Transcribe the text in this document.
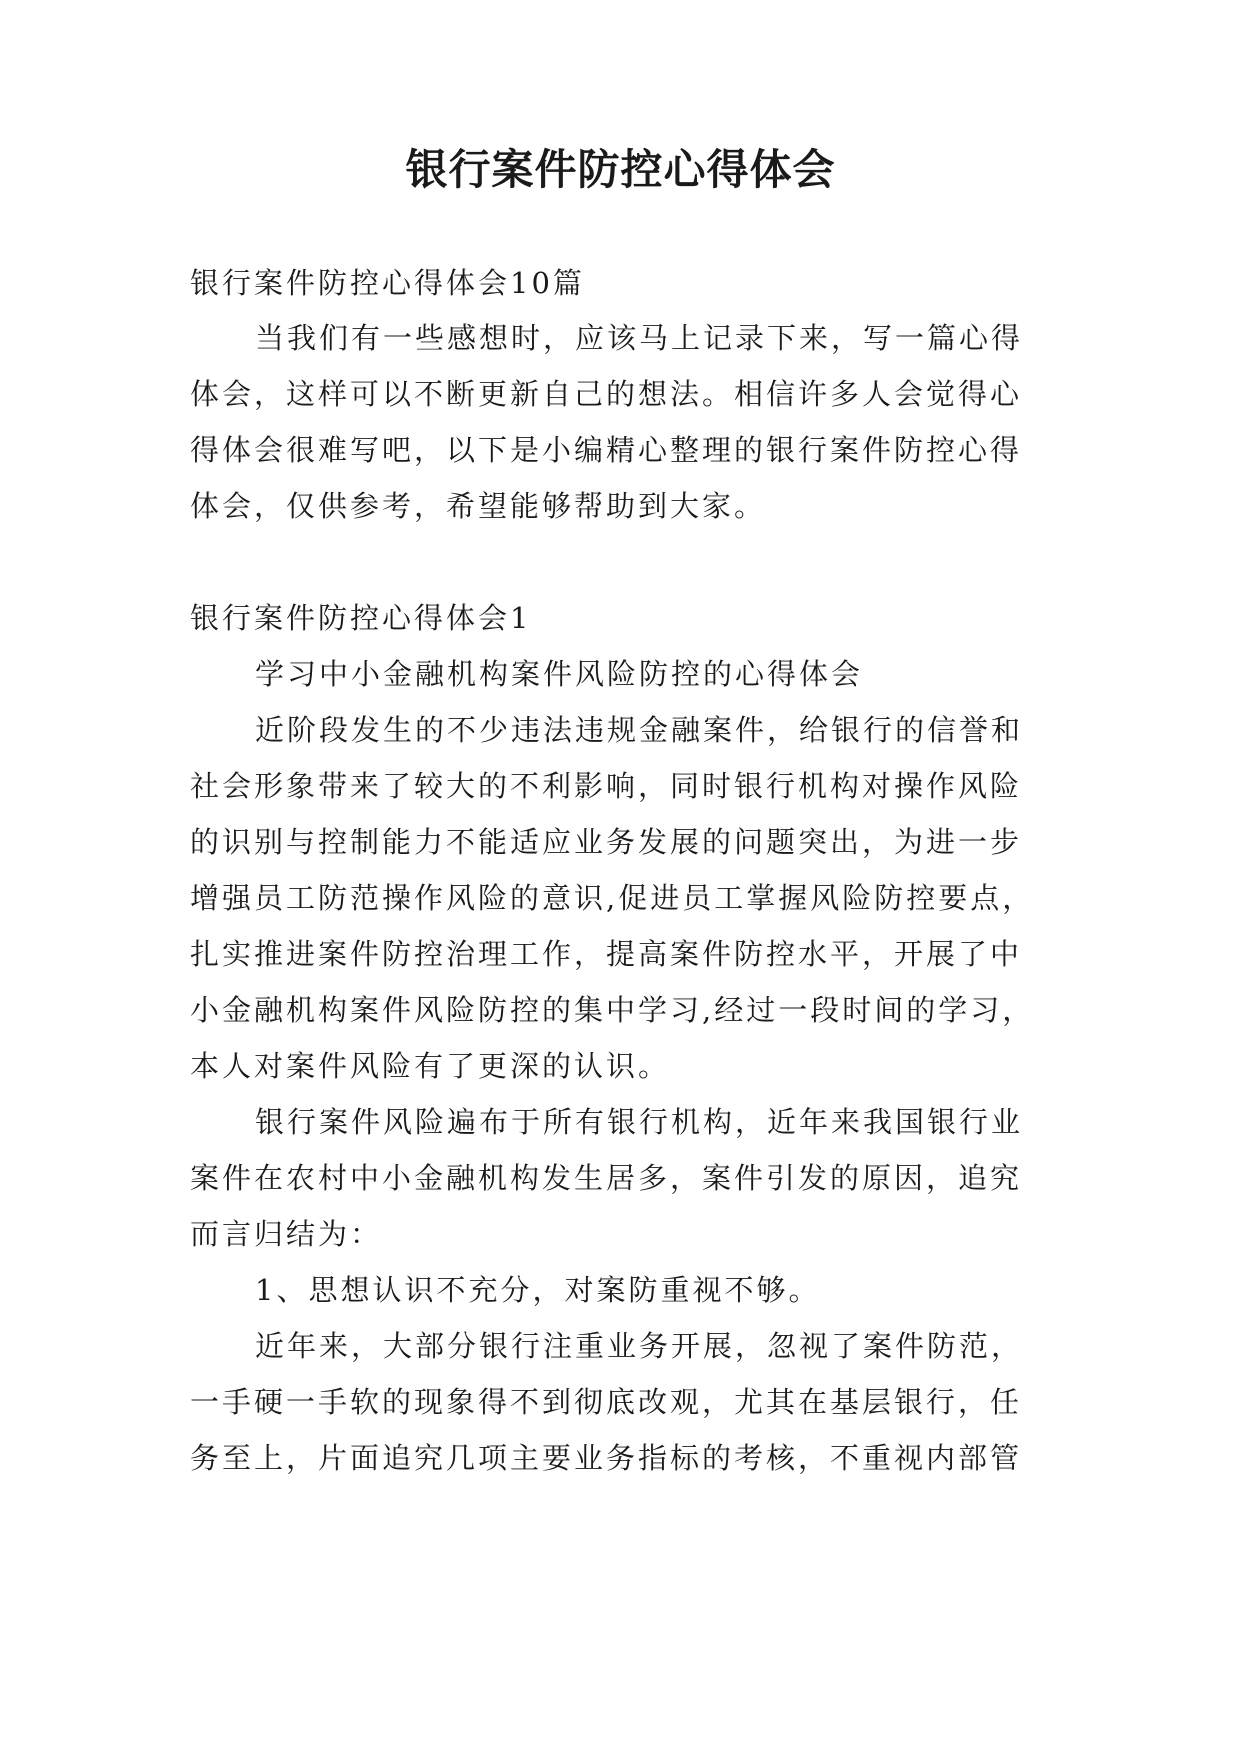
银行案件防控心得体会
银行案件防控心得体会10篇
当我们有一些感想时，应该马上记录下来，写一篇心得
体会，这样可以不断更新自己的想法。相信许多人会觉得心
得体会很难写吧，以下是小编精心整理的银行案件防控心得
体会，仅供参考，希望能够帮助到大家。
银行案件防控心得体会1
学习中小金融机构案件风险防控的心得体会
近阶段发生的不少违法违规金融案件，给银行的信誉和
社会形象带来了较大的不利影响，同时银行机构对操作风险
的识别与控制能力不能适应业务发展的问题突出，为进一步
增强员工防范操作风险的意识,促进员工掌握风险防控要点，
扎实推进案件防控治理工作，提高案件防控水平，开展了中
小金融机构案件风险防控的集中学习,经过一段时间的学习，
本人对案件风险有了更深的认识。
银行案件风险遍布于所有银行机构，近年来我国银行业
案件在农村中小金融机构发生居多，案件引发的原因，追究
而言归结为：
1、思想认识不充分，对案防重视不够。
近年来，大部分银行注重业务开展，忽视了案件防范，
一手硬一手软的现象得不到彻底改观，尤其在基层银行，任
务至上，片面追究几项主要业务指标的考核，不重视内部管
